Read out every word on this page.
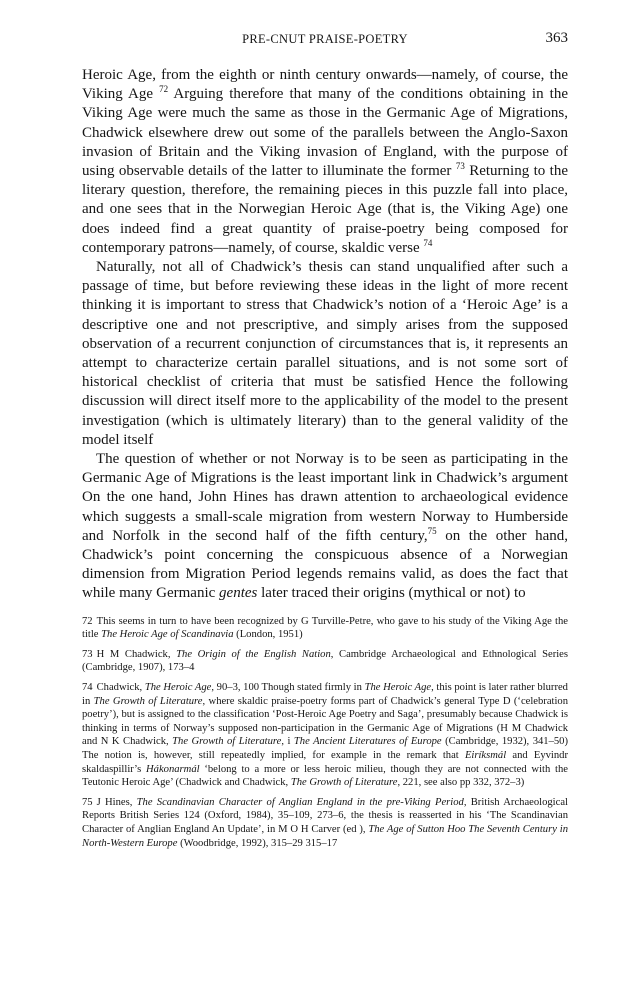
PRE-CNUT PRAISE-POETRY	363

Heroic Age, from the eighth or ninth century onwards—namely, of course, the Viking Age $^{72}$ Arguing therefore that many of the conditions obtaining in the Viking Age were much the same as those in the Germanic Age of Migrations, Chadwick elsewhere drew out some of the parallels between the Anglo-Saxon invasion of Britain and the Viking invasion of England, with the purpose of using observable details of the latter to illuminate the former $^{73}$ Returning to the literary question, therefore, the remaining pieces in this puzzle fall into place, and one sees that in the Norwegian Heroic Age (that is, the Viking Age) one does indeed find a great quantity of praise-poetry being composed for contemporary patrons—namely, of course, skaldic verse $^{74}$

Naturally, not all of Chadwick’s thesis can stand unqualified after such a passage of time, but before reviewing these ideas in the light of more recent thinking it is important to stress that Chadwick’s notion of a ‘Heroic Age’ is a descriptive one and not prescriptive, and simply arises from the supposed observation of a recurrent conjunction of circumstances that is, it represents an attempt to characterize certain parallel situations, and is not some sort of historical checklist of criteria that must be satisfied Hence the following discussion will direct itself more to the applicability of the model to the present investigation (which is ultimately literary) than to the general validity of the model itself

The question of whether or not Norway is to be seen as participating in the Germanic Age of Migrations is the least important link in Chadwick’s argument On the one hand, John Hines has drawn attention to archaeological evidence which suggests a small-scale migration from western Norway to Humberside and Norfolk in the second half of the fifth century,$^{75}$ on the other hand, Chadwick’s point concerning the conspicuous absence of a Norwegian dimension from Migration Period legends remains valid, as does the fact that while many Germanic gentes later traced their origins (mythical or not) to

72 This seems in turn to have been recognized by G Turville-Petre, who gave to his study of the Viking Age the title The Heroic Age of Scandinavia (London, 1951)

73 H M Chadwick, The Origin of the English Nation, Cambridge Archaeological and Ethnological Series (Cambridge, 1907), 173–4

74 Chadwick, The Heroic Age, 90–3, 100 Though stated firmly in The Heroic Age, this point is later rather blurred in The Growth of Literature, where skaldic praise-poetry forms part of Chadwick’s general Type D (‘celebration poetry’), but is assigned to the classification ‘Post-Heroic Age Poetry and Saga’, presumably because Chadwick is thinking in terms of Norway’s supposed non-participation in the Germanic Age of Migrations (H M Chadwick and N K Chadwick, The Growth of Literature, i The Ancient Literatures of Europe (Cambridge, 1932), 341–50) The notion is, however, still repeatedly implied, for example in the remark that Eiríksmál and Eyvindr skaldaspillir’s Hákonarmál ‘belong to a more or less heroic milieu, though they are not connected with the Teutonic Heroic Age’ (Chadwick and Chadwick, The Growth of Literature, 221, see also pp 332, 372–3)

75 J Hines, The Scandinavian Character of Anglian England in the pre-Viking Period, British Archaeological Reports British Series 124 (Oxford, 1984), 35–109, 273–6, the thesis is reasserted in his ‘The Scandinavian Character of Anglian England An Update’, in M O H Carver (ed ), The Age of Sutton Hoo The Seventh Century in North-Western Europe (Woodbridge, 1992), 315–29 315–17
